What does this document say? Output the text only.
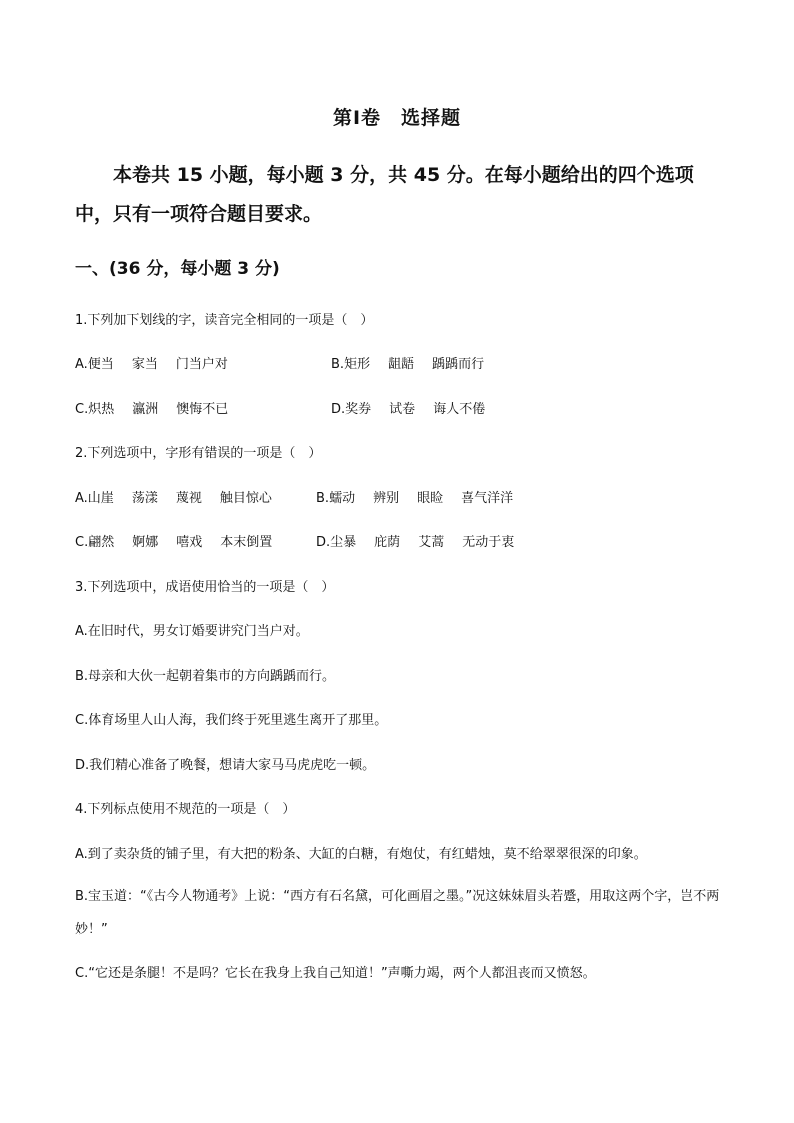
第Ⅰ卷　选择题
本卷共 15 小题，每小题 3 分，共 45 分。在每小题给出的四个选项中，只有一项符合题目要求。
一、(36 分，每小题 3 分)
1.下列加下划线的字，读音完全相同的一项是（　）
A.便当 家当 门当户对	B.矩形 龃龉 踽踽而行
C.炽热 瀛洲 懊悔不已	D.奖券 试卷 诲人不倦
2.下列选项中，字形有错误的一项是（　）
A.山崖 荡漾 蔑视 触目惊心	B.蠕动 辨别 眼睑 喜气洋洋
C.翩然 婀娜 嘻戏 本末倒置	D.尘暴 庇荫 艾蒿 无动于衷
3.下列选项中，成语使用恰当的一项是（　）
A.在旧时代，男女订婚要讲究门当户对。
B.母亲和大伙一起朝着集市的方向踽踽而行。
C.体育场里人山人海，我们终于死里逃生离开了那里。
D.我们精心准备了晚餐，想请大家马马虎虎吃一顿。
4.下列标点使用不规范的一项是（　）
A.到了卖杂货的铺子里，有大把的粉条、大缸的白糖，有炮仗，有红蜡烛，莫不给翠翠很深的印象。
B.宝玉道：“《古今人物通考》上说：“西方有石名黛，可化画眉之墨。”况这妹妹眉头若蹙，用取这两个字，岂不两妙！”
C.“它还是条腿！不是吗？它长在我身上我自己知道！”声嘶力竭，两个人都沮丧而又愤怒。
